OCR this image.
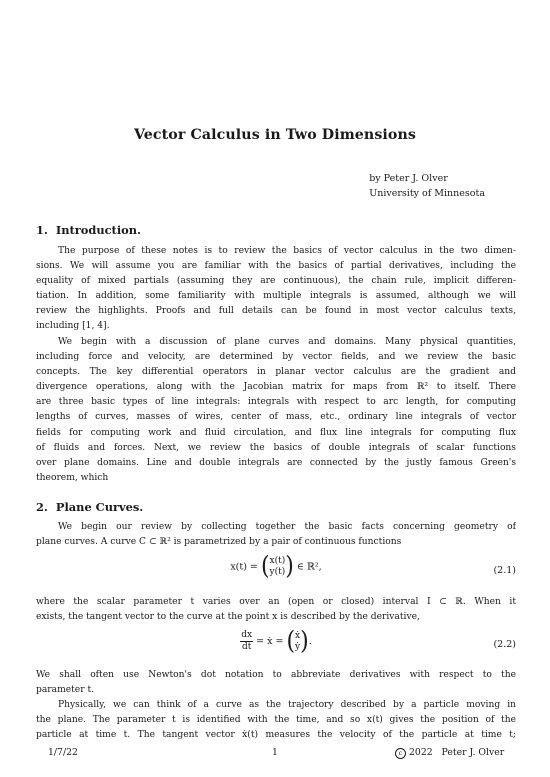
Vector Calculus in Two Dimensions
by Peter J. Olver
University of Minnesota
1. Introduction.
The purpose of these notes is to review the basics of vector calculus in the two dimen-
sions. We will assume you are familiar with the basics of partial derivatives, including the
equality of mixed partials (assuming they are continuous), the chain rule, implicit differen-
tiation. In addition, some familiarity with multiple integrals is assumed, although we will
review the highlights. Proofs and full details can be found in most vector calculus texts,
including [1, 4].
We begin with a discussion of plane curves and domains. Many physical quantities,
including force and velocity, are determined by vector fields, and we review the basic
concepts. The key differential operators in planar vector calculus are the gradient and
divergence operations, along with the Jacobian matrix for maps from ℝ² to itself. There
are three basic types of line integrals: integrals with respect to arc length, for computing
lengths of curves, masses of wires, center of mass, etc., ordinary line integrals of vector
fields for computing work and fluid circulation, and flux line integrals for computing flux
of fluids and forces. Next, we review the basics of double integrals of scalar functions
over plane domains. Line and double integrals are connected by the justly famous Green's
theorem, which
2. Plane Curves.
We begin our review by collecting together the basic facts concerning geometry of
plane curves. A curve C ⊂ ℝ² is parametrized by a pair of continuous functions
x(t) = ( x(t)
y(t) ) ∈ ℝ²,	(2.1)
where the scalar parameter t varies over an (open or closed) interval I ⊂ ℝ. When it
exists, the tangent vector to the curve at the point x is described by the derivative,
$\frac{dx}{dt}$ = ẋ = ( ẋ
ẏ ).	(2.2)
We shall often use Newton's dot notation to abbreviate derivatives with respect to the
parameter t.
Physically, we can think of a curve as the trajectory described by a particle moving in
the plane. The parameter t is identified with the time, and so x(t) gives the position of the
particle at time t. The tangent vector ẋ(t) measures the velocity of the particle at time t;
1/7/22	1	c 2022   Peter J. Olver
